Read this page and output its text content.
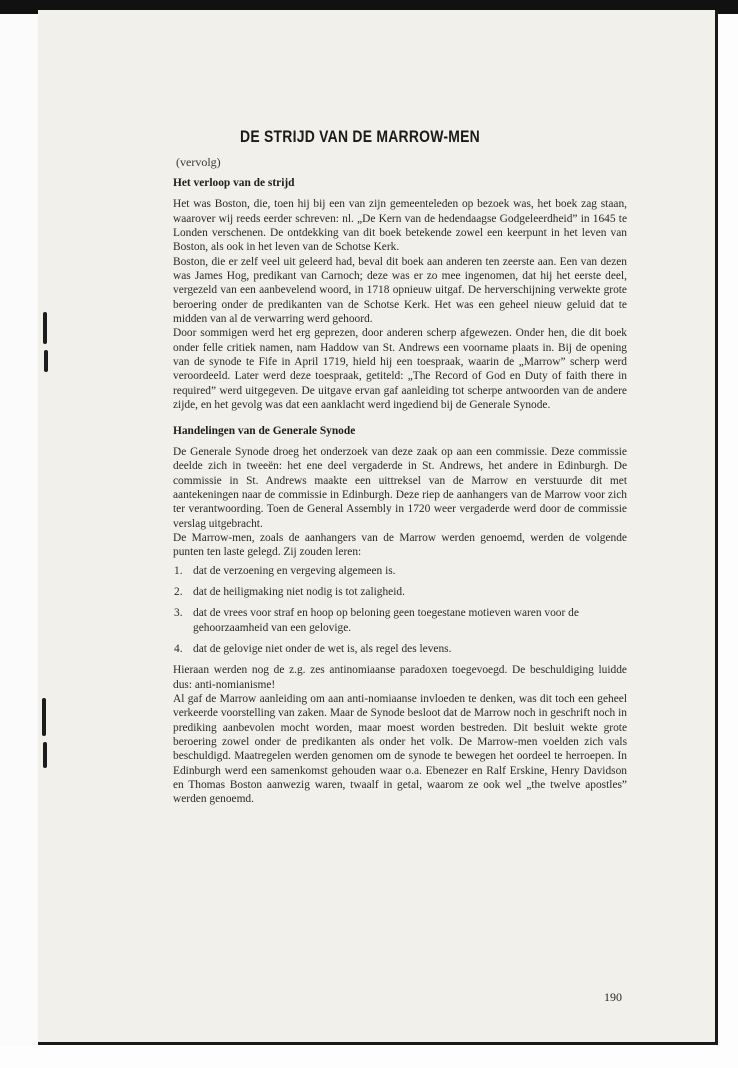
DE STRIJD VAN DE MARROW-MEN
(vervolg)
Het verloop van de strijd

Het was Boston, die, toen hij bij een van zijn gemeenteleden op bezoek was, het boek zag staan, waarover wij reeds eerder schreven: nl. „De Kern van de hedendaagse Godgeleerdheid” in 1645 te Londen verschenen. De ontdekking van dit boek betekende zowel een keerpunt in het leven van Boston, als ook in het leven van de Schotse Kerk.

Boston, die er zelf veel uit geleerd had, beval dit boek aan anderen ten zeerste aan. Een van dezen was James Hog, predikant van Carnoch; deze was er zo mee ingenomen, dat hij het eerste deel, vergezeld van een aanbevelend woord, in 1718 opnieuw uitgaf. De herverschijning verwekte grote beroering onder de predikanten van de Schotse Kerk. Het was een geheel nieuw geluid dat te midden van al de verwarring werd gehoord.

Door sommigen werd het erg geprezen, door anderen scherp afgewezen. Onder hen, die dit boek onder felle critiek namen, nam Haddow van St. Andrews een voorname plaats in. Bij de opening van de synode te Fife in April 1719, hield hij een toespraak, waarin de „Marrow” scherp werd veroordeeld. Later werd deze toespraak, getiteld: „The Record of God en Duty of faith there in required” werd uitgegeven. De uitgave ervan gaf aanleiding tot scherpe antwoorden van de andere zijde, en het gevolg was dat een aanklacht werd ingediend bij de Generale Synode.

Handelingen van de Generale Synode

De Generale Synode droeg het onderzoek van deze zaak op aan een commissie. Deze commissie deelde zich in tweeën: het ene deel vergaderde in St. Andrews, het andere in Edinburgh. De commissie in St. Andrews maakte een uittreksel van de Marrow en verstuurde dit met aantekeningen naar de commissie in Edinburgh. Deze riep de aanhangers van de Marrow voor zich ter verantwoording. Toen de General Assembly in 1720 weer vergaderde werd door de commissie verslag uitgebracht.

De Marrow-men, zoals de aanhangers van de Marrow werden genoemd, werden de volgende punten ten laste gelegd. Zij zouden leren:

1. dat de verzoening en vergeving algemeen is.
2. dat de heiligmaking niet nodig is tot zaligheid.
3. dat de vrees voor straf en hoop op beloning geen toegestane motieven waren voor de gehoorzaamheid van een gelovige.
4. dat de gelovige niet onder de wet is, als regel des levens.

Hieraan werden nog de z.g. zes antinomiaanse paradoxen toegevoegd. De beschuldiging luidde dus: anti-nomianisme!

Al gaf de Marrow aanleiding om aan anti-nomiaanse invloeden te denken, was dit toch een geheel verkeerde voorstelling van zaken. Maar de Synode besloot dat de Marrow noch in geschrift noch in prediking aanbevolen mocht worden, maar moest worden bestreden. Dit besluit wekte grote beroering zowel onder de predikanten als onder het volk. De Marrow-men voelden zich vals beschuldigd. Maatregelen werden genomen om de synode te bewegen het oordeel te herroepen. In Edinburgh werd een samenkomst gehouden waar o.a. Ebenezer en Ralf Erskine, Henry Davidson en Thomas Boston aanwezig waren, twaalf in getal, waarom ze ook wel „the twelve apostles” werden genoemd.

190
